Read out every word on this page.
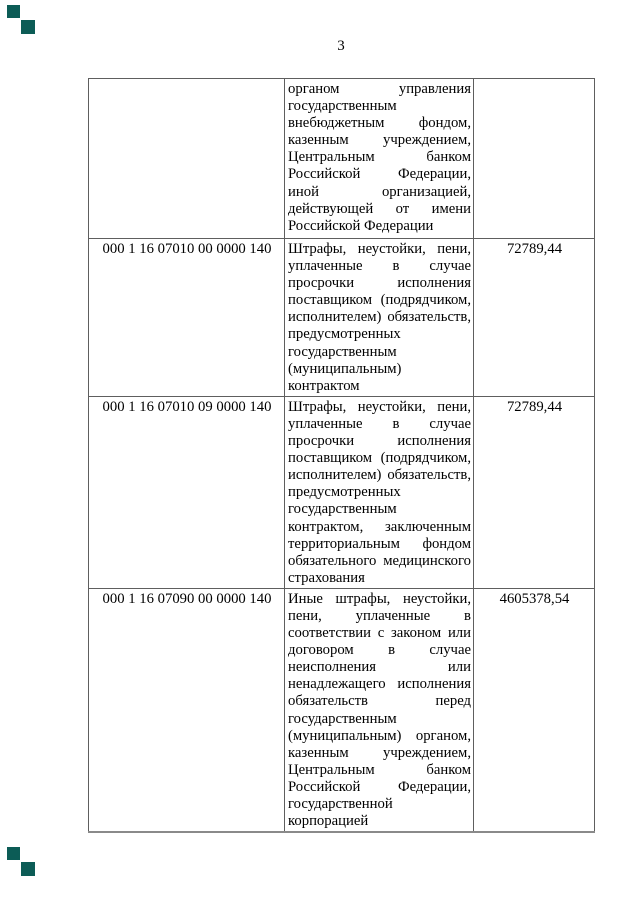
3
	органом управления государственным внебюджетным фондом, казенным учреждением, Центральным банком Российской Федерации, иной организацией, действующей от имени Российской Федерации	
000 1 16 07010 00 0000 140	Штрафы, неустойки, пени, уплаченные в случае просрочки исполнения поставщиком (подрядчиком, исполнителем) обязательств, предусмотренных государственным (муниципальным) контрактом	72789,44
000 1 16 07010 09 0000 140	Штрафы, неустойки, пени, уплаченные в случае просрочки исполнения поставщиком (подрядчиком, исполнителем) обязательств, предусмотренных государственным контрактом, заключенным территориальным фондом обязательного медицинского страхования	72789,44
000 1 16 07090 00 0000 140	Иные штрафы, неустойки, пени, уплаченные в соответствии с законом или договором в случае неисполнения или ненадлежащего исполнения обязательств перед государственным (муниципальным) органом, казенным учреждением, Центральным банком Российской Федерации, государственной корпорацией	4605378,54
